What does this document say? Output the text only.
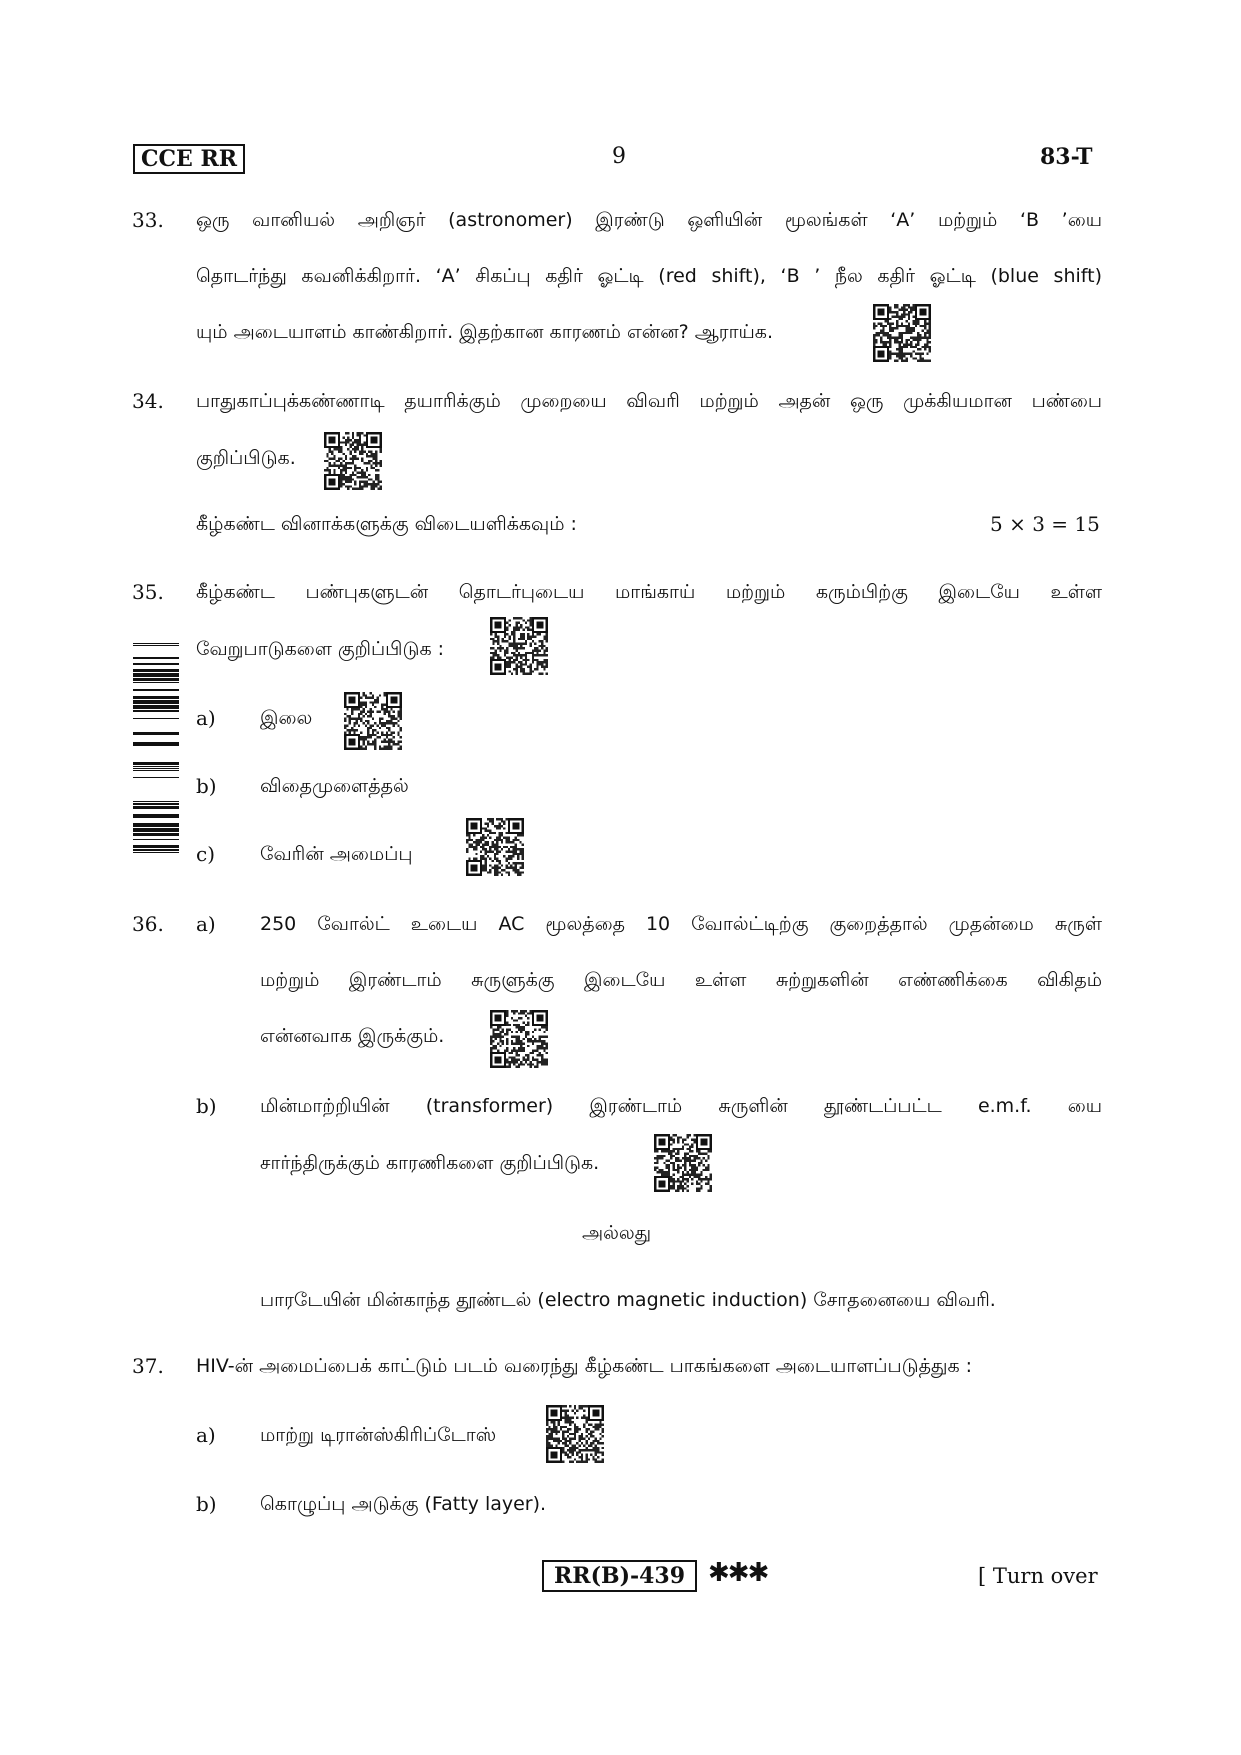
CCE RR	9	83-T
33. ஒரு வானியல் அறிஞர் (astronomer) இரண்டு ஒளியின் மூலங்கள் ‘A’ மற்றும் ‘B ’யை
தொடர்ந்து கவனிக்கிறார். ‘A’ சிகப்பு கதிர் ஓட்டி (red shift), ‘B ’ நீல கதிர் ஓட்டி (blue shift)
யும் அடையாளம் காண்கிறார். இதற்கான காரணம் என்ன? ஆராய்க.
34. பாதுகாப்புக்கண்ணாடி தயாரிக்கும் முறையை விவரி மற்றும் அதன் ஒரு முக்கியமான பண்பை
குறிப்பிடுக.
கீழ்கண்ட வினாக்களுக்கு விடையளிக்கவும் :	5 × 3 = 15
35. கீழ்கண்ட பண்புகளுடன் தொடர்புடைய மாங்காய் மற்றும் கரும்பிற்கு இடையே உள்ள
வேறுபாடுகளை குறிப்பிடுக :
a) இலை
b) விதைமுளைத்தல்
c) வேரின் அமைப்பு
36. a) 250 வோல்ட் உடைய AC மூலத்தை 10 வோல்ட்டிற்கு குறைத்தால் முதன்மை சுருள்
மற்றும் இரண்டாம் சுருளுக்கு இடையே உள்ள சுற்றுகளின் எண்ணிக்கை விகிதம்
என்னவாக இருக்கும்.
b) மின்மாற்றியின் (transformer) இரண்டாம் சுருளின் தூண்டப்பட்ட e.m.f. யை
சார்ந்திருக்கும் காரணிகளை குறிப்பிடுக.
அல்லது
பாரடேயின் மின்காந்த தூண்டல் (electro magnetic induction) சோதனையை விவரி.
37. HIV-ன் அமைப்பைக் காட்டும் படம் வரைந்து கீழ்கண்ட பாகங்களை அடையாளப்படுத்துக :
a) மாற்று டிரான்ஸ்கிரிப்டோஸ்
b) கொழுப்பு அடுக்கு (Fatty layer).
RR(B)-439 ✱✱✱	[ Turn over
